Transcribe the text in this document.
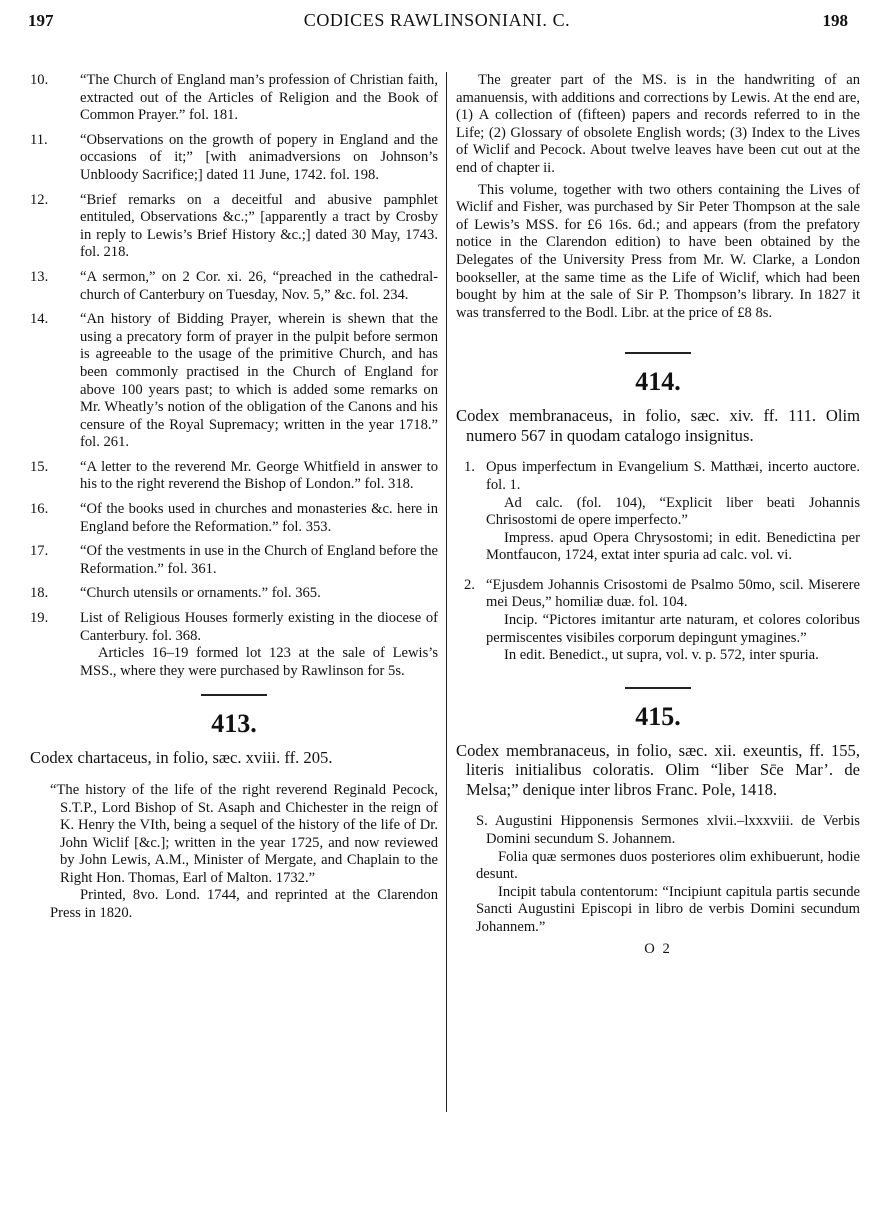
197	CODICES RAWLINSONIANI. C.	198
10.	“The Church of England man’s profession of Christian faith, extracted out of the Articles of Religion and the Book of Common Prayer.” fol. 181.

11.	“Observations on the growth of popery in England and the occasions of it;” [with animadversions on Johnson’s Unbloody Sacrifice;] dated 11 June, 1742. fol. 198.

12.	“Brief remarks on a deceitful and abusive pamphlet entituled, Observations &c.;” [apparently a tract by Crosby in reply to Lewis’s Brief History &c.;] dated 30 May, 1743. fol. 218.

13.	“A sermon,” on 2 Cor. xi. 26, “preached in the cathedral-church of Canterbury on Tuesday, Nov. 5,” &c. fol. 234.

14.	“An history of Bidding Prayer, wherein is shewn that the using a precatory form of prayer in the pulpit before sermon is agreeable to the usage of the primitive Church, and has been commonly practised in the Church of England for above 100 years past; to which is added some remarks on Mr. Wheatly’s notion of the obligation of the Canons and his censure of the Royal Supremacy; written in the year 1718.” fol. 261.

15.	“A letter to the reverend Mr. George Whitfield in answer to his to the right reverend the Bishop of London.” fol. 318.

16.	“Of the books used in churches and monasteries &c. here in England before the Reformation.” fol. 353.

17.	“Of the vestments in use in the Church of England before the Reformation.” fol. 361.

18.	“Church utensils or ornaments.” fol. 365.

19.	List of Religious Houses formerly existing in the diocese of Canterbury. fol. 368.

Articles 16–19 formed lot 123 at the sale of Lewis’s MSS., where they were purchased by Rawlinson for 5s.

413.
Codex chartaceus, in folio, sæc. xviii. ff. 205.

“The history of the life of the right reverend Reginald Pecock, S.T.P., Lord Bishop of St. Asaph and Chichester in the reign of K. Henry the VIth, being a sequel of the history of the life of Dr. John Wiclif [&c.]; written in the year 1725, and now reviewed by John Lewis, A.M., Minister of Mergate, and Chaplain to the Right Hon. Thomas, Earl of Malton. 1732.”

Printed, 8vo. Lond. 1744, and reprinted at the Clarendon Press in 1820.

The greater part of the MS. is in the handwriting of an amanuensis, with additions and corrections by Lewis. At the end are, (1) A collection of (fifteen) papers and records referred to in the Life; (2) Glossary of obsolete English words; (3) Index to the Lives of Wiclif and Pecock. About twelve leaves have been cut out at the end of chapter ii.

This volume, together with two others containing the Lives of Wiclif and Fisher, was purchased by Sir Peter Thompson at the sale of Lewis’s MSS. for £6 16s. 6d.; and appears (from the prefatory notice in the Clarendon edition) to have been obtained by the Delegates of the University Press from Mr. W. Clarke, a London bookseller, at the same time as the Life of Wiclif, which had been bought by him at the sale of Sir P. Thompson’s library. In 1827 it was transferred to the Bodl. Libr. at the price of £8 8s.

414.
Codex membranaceus, in folio, sæc. xiv. ff. 111. Olim numero 567 in quodam catalogo insignitus.
1. Opus imperfectum in Evangelium S. Matthæi, incerto auctore. fol. 1.

Ad calc. (fol. 104), “Explicit liber beati Johannis Chrisostomi de opere imperfecto.”

Impress. apud Opera Chrysostomi; in edit. Benedictina per Montfaucon, 1724, extat inter spuria ad calc. vol. vi.

2. “Ejusdem Johannis Crisostomi de Psalmo 50mo, scil. Miserere mei Deus,” homiliæ duæ. fol. 104.

Incip. “Pictores imitantur arte naturam, et colores coloribus permiscentes visibiles corporum depingunt ymagines.”

In edit. Benedict., ut supra, vol. v. p. 572, inter spuria.

415.
Codex membranaceus, in folio, sæc. xii. exeuntis, ff. 155, literis initialibus coloratis. Olim “liber Sc̄e Mar’. de Melsa;” denique inter libros Franc. Pole, 1418.

S. Augustini Hipponensis Sermones xlvii.–lxxxviii. de Verbis Domini secundum S. Johannem.

Folia quæ sermones duos posteriores olim exhibuerunt, hodie desunt.

Incipit tabula contentorum: “Incipiunt capitula partis secunde Sancti Augustini Episcopi in libro de verbis Domini secundum Johannem.”

O 2
